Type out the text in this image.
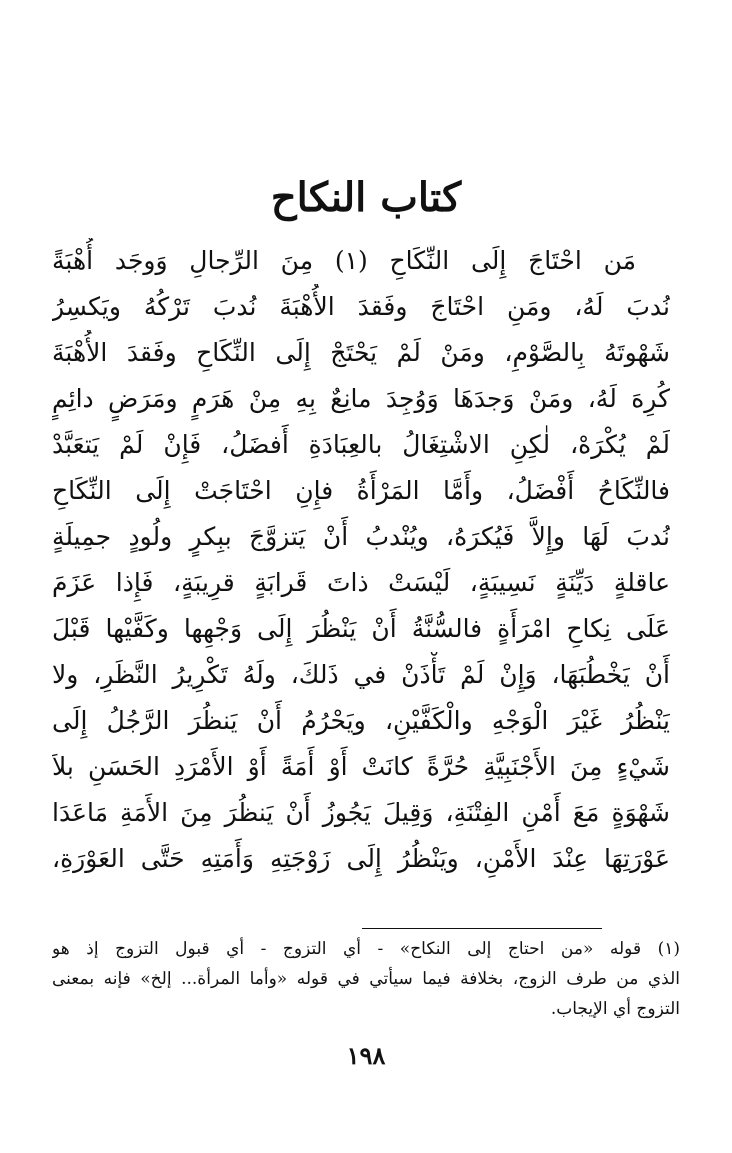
كتاب النكاح
مَن احْتَاجَ إِلَى النِّكَاحِ (١) مِنَ الرِّجالِ وَوجَد أُهْبَةً
نُدبَ لَهُ، ومَنِ احْتَاجَ وفَقدَ الأُهْبَةَ نُدبَ تَرْكُهُ ويَكسِرُ
شَهْوتَهُ بِالصَّوْمِ، ومَنْ لَمْ يَحْتَجْ إِلَى النِّكَاحِ وفَقدَ الأُهْبَةَ
كُرِهَ لَهُ، ومَنْ وَجدَهَا وَوُجِدَ مانِعٌ بِهِ مِنْ هَرَمٍ ومَرَضٍ دائِمٍ
لَمْ يُكْرَهْ، لٰكِنِ الاشْتِغَالُ بالعِبَادَةِ أَفضَلُ، فَإِنْ لَمْ يَتعَبَّدْ
فالنِّكَاحُ أَفْضَلُ، وأَمَّا المَرْأَةُ فإِنِ احْتَاجَتْ إِلَى النِّكَاحِ
نُدبَ لَهَا وإِلاَّ فَيُكرَهُ، ويُنْدبُ أَنْ يَتزوَّجَ ببِكرٍ ولُودٍ جمِيلَةٍ
عاقلةٍ دَيِّنَةٍ نَسِيبَةٍ، لَيْسَتْ ذاتَ قَرابَةٍ قرِيبَةٍ، فَإِذا عَزَمَ
عَلَى نِكاحِ امْرَأَةٍ فالسُّنَّةُ أَنْ يَنْظُرَ إِلَى وَجْهِها وكَفَّيْها قَبْلَ
أَنْ يَخْطُبَهَا، وَإِنْ لَمْ تَأْذَنْ في ذَلكَ، ولَهُ تَكْرِيرُ النَّظَرِ، ولا
يَنْظُرُ غَيْرَ الْوَجْهِ والْكَفَّيْنِ، ويَحْرُمُ أَنْ يَنظُرَ الرَّجُلُ إِلَى
شَيْءٍ مِنَ الأَجْنَبِيَّةِ حُرَّةً كانَتْ أَوْ أَمَةً أَوْ الأَمْرَدِ الحَسَنِ بلاَ
شَهْوَةٍ مَعَ أَمْنِ الفِتْنَةِ، وَقِيلَ يَجُوزُ أَنْ يَنظُرَ مِنَ الأَمَةِ مَاعَدَا
عَوْرَتِهَا عِنْدَ الأَمْنِ، ويَنْظُرُ إِلَى زَوْجَتِهِ وَأَمَتِهِ حَتَّى العَوْرَةِ،
(١) قوله «من احتاج إلى النكاح» - أي التزوج - أي قبول التزوج إذ هو
الذي من طرف الزوج، بخلافة فيما سيأتي في قوله «وأما المرأة... إلخ» فإنه بمعنى
التزوج أي الإيجاب.
١٩٨
